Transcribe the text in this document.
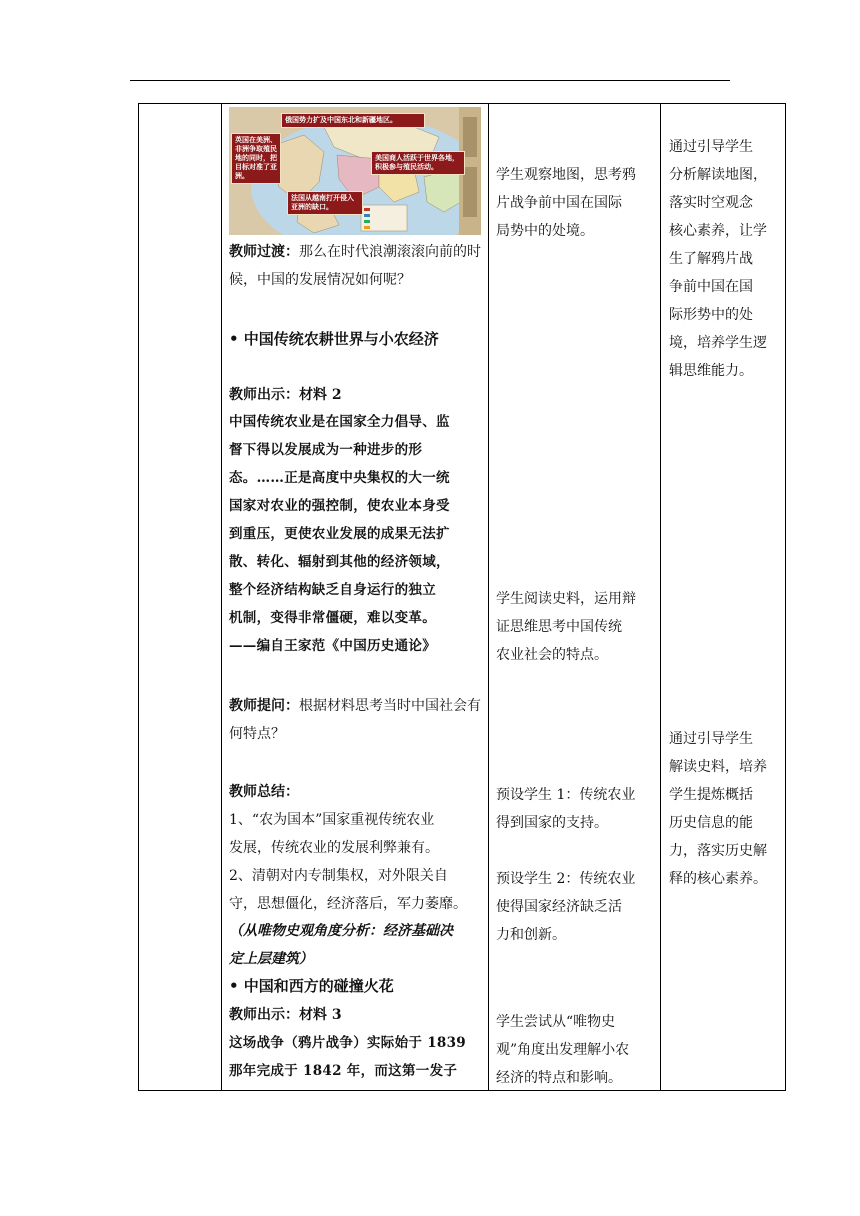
俄国势力扩及中国东北和新疆地区。
英国在美洲、非洲争取殖民地的同时，把目标对准了亚洲。
美国商人活跃于世界各地，积极参与殖民活动。
法国从越南打开侵入亚洲的缺口。
教师过渡：那么在时代浪潮滚滚向前的时候，中国的发展情况如何呢？
• 中国传统农耕世界与小农经济
教师出示：材料 2
中国传统农业是在国家全力倡导、监
督下得以发展成为一种进步的形
态。……正是高度中央集权的大一统
国家对农业的强控制，使农业本身受
到重压，更使农业发展的成果无法扩
散、转化、辐射到其他的经济领域，
整个经济结构缺乏自身运行的独立
机制，变得非常僵硬，难以变革。
——编自王家范《中国历史通论》
教师提问：根据材料思考当时中国社会有何特点？
教师总结：
1、“农为国本”国家重视传统农业
发展，传统农业的发展利弊兼有。
2、清朝对内专制集权，对外限关自
守，思想僵化，经济落后，军力萎靡。
（从唯物史观角度分析：经济基础决
定上层建筑）
• 中国和西方的碰撞火花
教师出示：材料 3
这场战争（鸦片战争）实际始于 1839
那年完成于 1842 年，而这第一发子
学生观察地图，思考鸦
片战争前中国在国际
局势中的处境。
学生阅读史料，运用辩
证思维思考中国传统
农业社会的特点。
预设学生 1：传统农业
得到国家的支持。
预设学生 2：传统农业
使得国家经济缺乏活
力和创新。
学生尝试从“唯物史
观”角度出发理解小农
经济的特点和影响。
通过引导学生
分析解读地图，
落实时空观念
核心素养，让学
生了解鸦片战
争前中国在国
际形势中的处
境，培养学生逻
辑思维能力。
通过引导学生
解读史料，培养
学生提炼概括
历史信息的能
力，落实历史解
释的核心素养。
